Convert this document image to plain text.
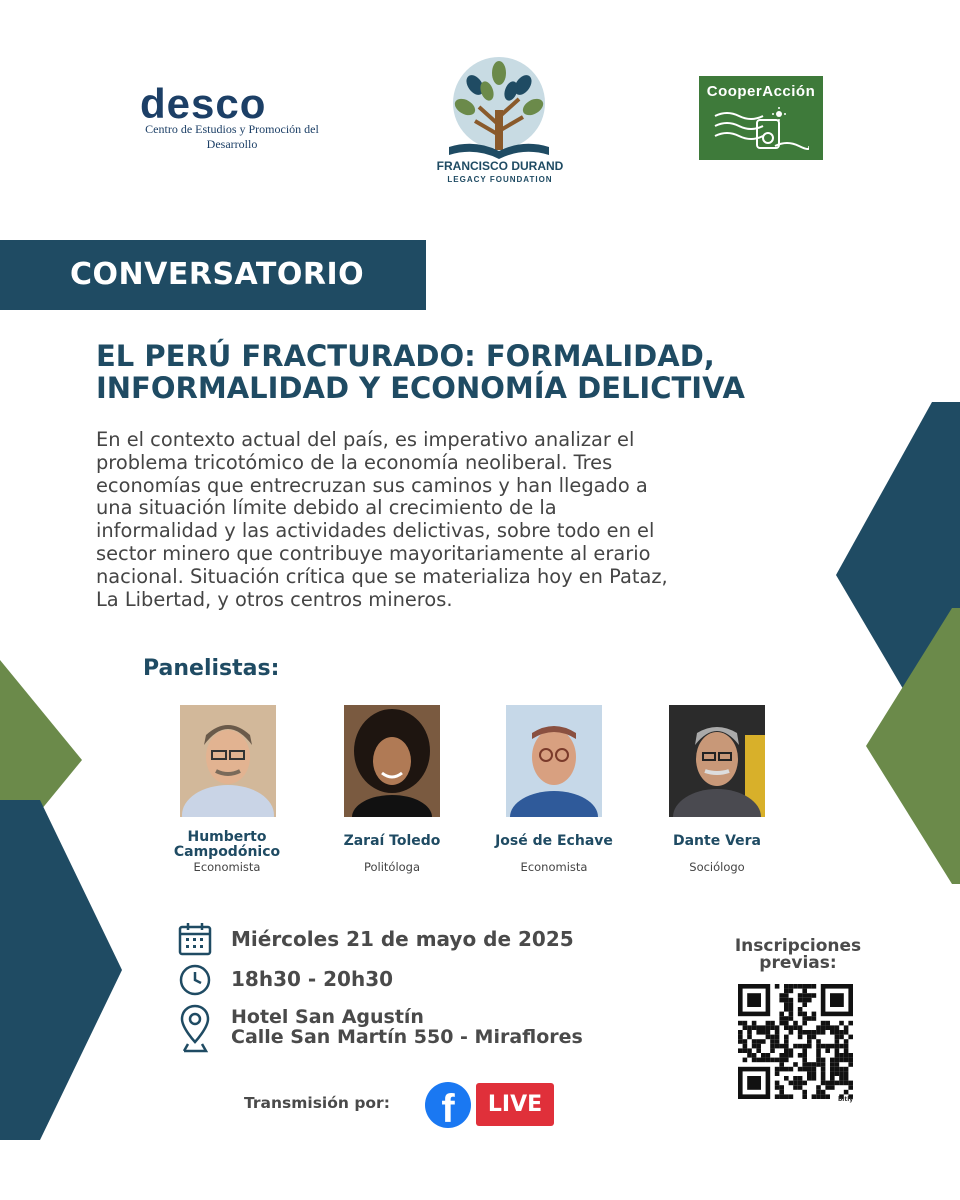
desco
Centro de Estudios y Promoción del Desarrollo
FRANCISCO DURAND
LEGACY FOUNDATION
CooperAcción
CONVERSATORIO
EL PERÚ FRACTURADO: FORMALIDAD, INFORMALIDAD Y ECONOMÍA DELICTIVA
En el contexto actual del país, es imperativo analizar el
problema tricotómico de la economía neoliberal. Tres
economías que entrecruzan sus caminos y han llegado a
una situación límite debido al crecimiento de la
informalidad y las actividades delictivas, sobre todo en el
sector minero que contribuye mayoritariamente al erario
nacional. Situación crítica que se materializa hoy en Pataz,
La Libertad, y otros centros mineros.
Panelistas:
Humberto Campodónico
Economista
Zaraí Toledo
Politóloga
José de Echave
Economista
Dante Vera
Sociólogo
Miércoles 21 de mayo de 2025
18h30 - 20h30
Hotel San Agustín
Calle San Martín 550 - Miraflores
Inscripciones previas:
bitly
Transmisión por:	f	LIVE
